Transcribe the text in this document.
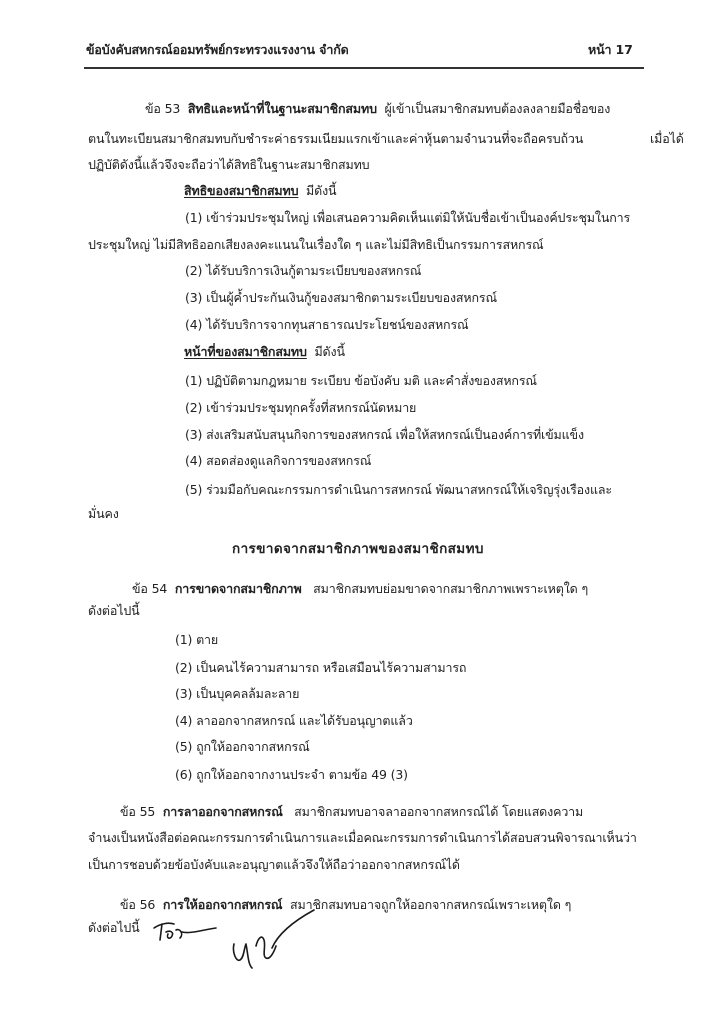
ข้อบังคับสหกรณ์ออมทรัพย์กระทรวงแรงงาน จำกัด	หน้า 17
ข้อ 53 สิทธิและหน้าที่ในฐานะสมาชิกสมทบ ผู้เข้าเป็นสมาชิกสมทบต้องลงลายมือชื่อของ
ตนในทะเบียนสมาชิกสมทบกับชำระค่าธรรมเนียมแรกเข้าและค่าหุ้นตามจำนวนที่จะถือครบถ้วน	เมื่อได้
ปฏิบัติดังนี้แล้วจึงจะถือว่าได้สิทธิในฐานะสมาชิกสมทบ
สิทธิของสมาชิกสมทบ มีดังนี้
(1) เข้าร่วมประชุมใหญ่ เพื่อเสนอความคิดเห็นแต่มิให้นับชื่อเข้าเป็นองค์ประชุมในการ
ประชุมใหญ่ ไม่มีสิทธิออกเสียงลงคะแนนในเรื่องใด ๆ และไม่มีสิทธิเป็นกรรมการสหกรณ์
(2) ได้รับบริการเงินกู้ตามระเบียบของสหกรณ์
(3) เป็นผู้ค้ำประกันเงินกู้ของสมาชิกตามระเบียบของสหกรณ์
(4) ได้รับบริการจากทุนสาธารณประโยชน์ของสหกรณ์
หน้าที่ของสมาชิกสมทบ มีดังนี้
(1) ปฏิบัติตามกฎหมาย ระเบียบ ข้อบังคับ มติ และคำสั่งของสหกรณ์
(2) เข้าร่วมประชุมทุกครั้งที่สหกรณ์นัดหมาย
(3) ส่งเสริมสนับสนุนกิจการของสหกรณ์ เพื่อให้สหกรณ์เป็นองค์การที่เข้มแข็ง
(4) สอดส่องดูแลกิจการของสหกรณ์
(5) ร่วมมือกับคณะกรรมการดำเนินการสหกรณ์ พัฒนาสหกรณ์ให้เจริญรุ่งเรืองและ
มั่นคง
การขาดจากสมาชิกภาพของสมาชิกสมทบ
ข้อ 54 การขาดจากสมาชิกภาพ สมาชิกสมทบย่อมขาดจากสมาชิกภาพเพราะเหตุใด ๆ
ดังต่อไปนี้
(1) ตาย
(2) เป็นคนไร้ความสามารถ หรือเสมือนไร้ความสามารถ
(3) เป็นบุคคลล้มละลาย
(4) ลาออกจากสหกรณ์ และได้รับอนุญาตแล้ว
(5) ถูกให้ออกจากสหกรณ์
(6) ถูกให้ออกจากงานประจำ ตามข้อ 49 (3)
ข้อ 55 การลาออกจากสหกรณ์ สมาชิกสมทบอาจลาออกจากสหกรณ์ได้ โดยแสดงความ
จำนงเป็นหนังสือต่อคณะกรรมการดำเนินการและเมื่อคณะกรรมการดำเนินการได้สอบสวนพิจารณาเห็นว่า
เป็นการชอบด้วยข้อบังคับและอนุญาตแล้วจึงให้ถือว่าออกจากสหกรณ์ได้
ข้อ 56 การให้ออกจากสหกรณ์ สมาชิกสมทบอาจถูกให้ออกจากสหกรณ์เพราะเหตุใด ๆ
ดังต่อไปนี้
